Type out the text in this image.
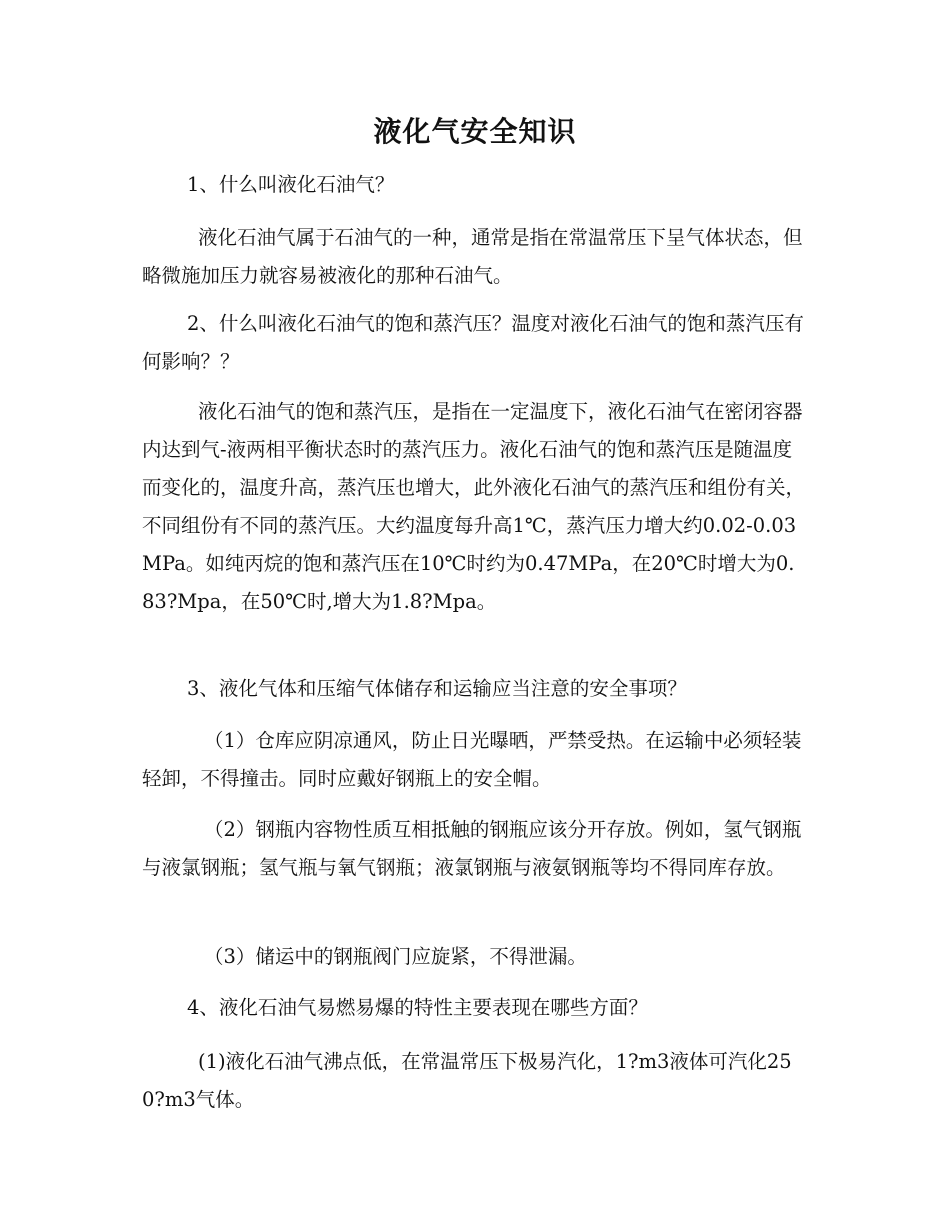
液化气安全知识

1、什么叫液化石油气？

液化石油气属于石油气的一种，通常是指在常温常压下呈气体状态，但略微施加压力就容易被液化的那种石油气。

2、什么叫液化石油气的饱和蒸汽压？温度对液化石油气的饱和蒸汽压有何影响？？

液化石油气的饱和蒸汽压，是指在一定温度下，液化石油气在密闭容器内达到气-液两相平衡状态时的蒸汽压力。液化石油气的饱和蒸汽压是随温度而变化的，温度升高，蒸汽压也增大，此外液化石油气的蒸汽压和组份有关，不同组份有不同的蒸汽压。大约温度每升高1℃，蒸汽压力增大约0.02-0.03MPa。如纯丙烷的饱和蒸汽压在10℃时约为0.47MPa，在20℃时增大为0.83?Mpa，在50℃时,增大为1.8?Mpa。

3、液化气体和压缩气体储存和运输应当注意的安全事项？

（1）仓库应阴凉通风，防止日光曝晒，严禁受热。在运输中必须轻装轻卸，不得撞击。同时应戴好钢瓶上的安全帽。

（2）钢瓶内容物性质互相抵触的钢瓶应该分开存放。例如，氢气钢瓶与液氯钢瓶；氢气瓶与氧气钢瓶；液氯钢瓶与液氨钢瓶等均不得同库存放。

（3）储运中的钢瓶阀门应旋紧，不得泄漏。

4、液化石油气易燃易爆的特性主要表现在哪些方面？

(1)液化石油气沸点低，在常温常压下极易汽化，1?m3液体可汽化250?m3气体。
